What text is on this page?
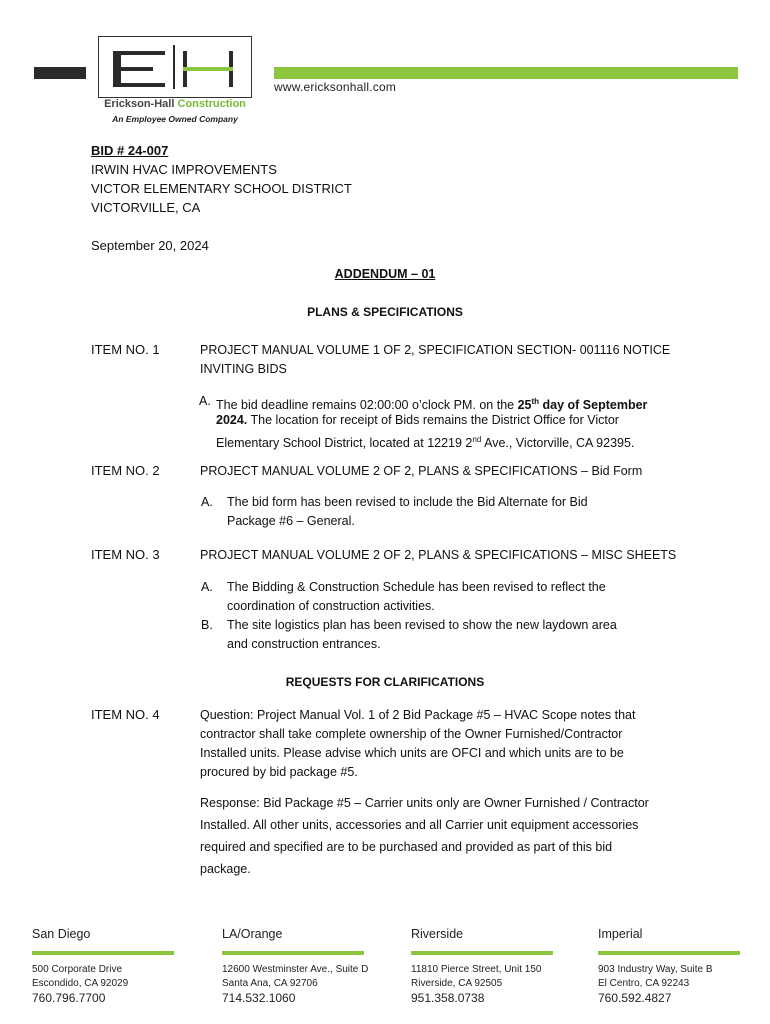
www.ericksonhall.com
Erickson-Hall Construction
An Employee Owned Company
BID # 24-007
IRWIN HVAC IMPROVEMENTS
VICTOR ELEMENTARY SCHOOL DISTRICT
VICTORVILLE, CA
September 20, 2024
ADDENDUM – 01
PLANS & SPECIFICATIONS
ITEM NO. 1	PROJECT MANUAL VOLUME 1 OF 2, SPECIFICATION SECTION- 001116 NOTICE
INVITING BIDS
A. The bid deadline remains 02:00:00 o’clock PM. on the 25th day of September
2024. The location for receipt of Bids remains the District Office for Victor
Elementary School District, located at 12219 2nd Ave., Victorville, CA 92395.
ITEM NO. 2	PROJECT MANUAL VOLUME 2 OF 2, PLANS & SPECIFICATIONS – Bid Form
A. The bid form has been revised to include the Bid Alternate for Bid
Package #6 – General.
ITEM NO. 3	PROJECT MANUAL VOLUME 2 OF 2, PLANS & SPECIFICATIONS – MISC SHEETS
A. The Bidding & Construction Schedule has been revised to reflect the
coordination of construction activities.
B. The site logistics plan has been revised to show the new laydown area
and construction entrances.
REQUESTS FOR CLARIFICATIONS
ITEM NO. 4	Question: Project Manual Vol. 1 of 2 Bid Package #5 – HVAC Scope notes that
contractor shall take complete ownership of the Owner Furnished/Contractor
Installed units. Please advise which units are OFCI and which units are to be
procured by bid package #5.
Response: Bid Package #5 – Carrier units only are Owner Furnished / Contractor
Installed. All other units, accessories and all Carrier unit equipment accessories
required and specified are to be purchased and provided as part of this bid
package.
San Diego
500 Corporate Drive
Escondido, CA 92029
760.796.7700
LA/Orange
12600 Westminster Ave., Suite D
Santa Ana, CA 92706
714.532.1060
Riverside
11810 Pierce Street, Unit 150
Riverside, CA 92505
951.358.0738
Imperial
903 Industry Way, Suite B
El Centro, CA 92243
760.592.4827
